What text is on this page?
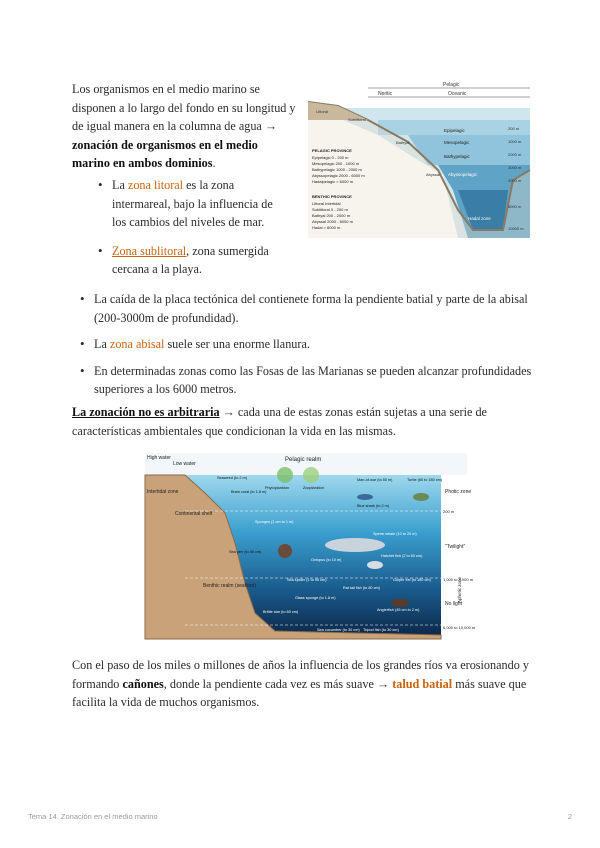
Los organismos en el medio marino se disponen a lo largo del fondo en su longitud y de igual manera en la columna de agua → zonación de organismos en el medio marino en ambos dominios.

Pelagic
Neritic	Oceanic
Epipelagic
Mesopelagic
Bathypelagic
Abyssopelagic
Hadal zone
200 m
1000 m
2000 m
3000 m
4000 m
6000 m
10000 m
Littoral
Sublittoral
Bathyal
Abyssal
PELAGIC PROVINCE
Epipelagic 0 - 200 m
Mesopelagic 200 - 1000 m
Bathypelagic 1000 - 2000 m
Abyssopelagic 2000 - 6000 m
Hadalpelagic > 6000 m
BENTHIC PROVINCE
Littoral Intertidal
Sublittoral 0 - 200 m
Bathyal 200 - 2000 m
Abyssal 2000 - 6000 m
Hadal > 6000 m

• La zona litoral es la zona intermareal, bajo la influencia de los cambios del niveles de mar.

• Zona sublitoral, zona sumergida cercana a la playa.

• La caída de la placa tectónica del contienete forma la pendiente batial y parte de la abisal (200-3000m de profundidad).

• La zona abisal suele ser una enorme llanura.

• En determinadas zonas como las Fosas de las Marianas se pueden alcanzar profundidades superiores a los 6000 metros.

La zonación no es arbitraria → cada una de estas zonas están sujetas a una serie de características ambientales que condicionan la vida en las mismas.

High water
Low water
Pelagic realm
Intertidal zone
Continental shelf
Benthic realm (seafloor)
Photic zone
"Twilight"
No light
200 m
1,000 to 4,000 m
6,000 to 10,000 m
Aphotic zone
Seaweed (to 2 m)
Brain coral (to 1.8 m)
Phytoplankton	Zooplankton
Man-of-war (to 50 m)	Turtle (60 to 180 cm)
Blue shark (to 2 m)
Sponges (1 cm to 1 m)
Sea pen (to 45 cm)
Octopus (to 10 m)
Sperm whale (10 to 20 m)
Hatchet fish (2 to 60 cm)
Sea spider (1 to 90 cm)
Rat tail fish (to 80 cm)
Gulper eel (to 180 cm)
Glass sponge (to 1.8 m)
Brittle star (to 60 cm)	Anglerfish (45 cm to 2 m)
Sea cucumber (to 30 cm) Tripod fish (to 30 cm)

Con el paso de los miles o millones de años la influencia de los grandes ríos va erosionando y formando cañones, donde la pendiente cada vez es más suave → talud batial más suave que facilita la vida de muchos organismos.

Tema 14. Zonación en el medio marino	2
